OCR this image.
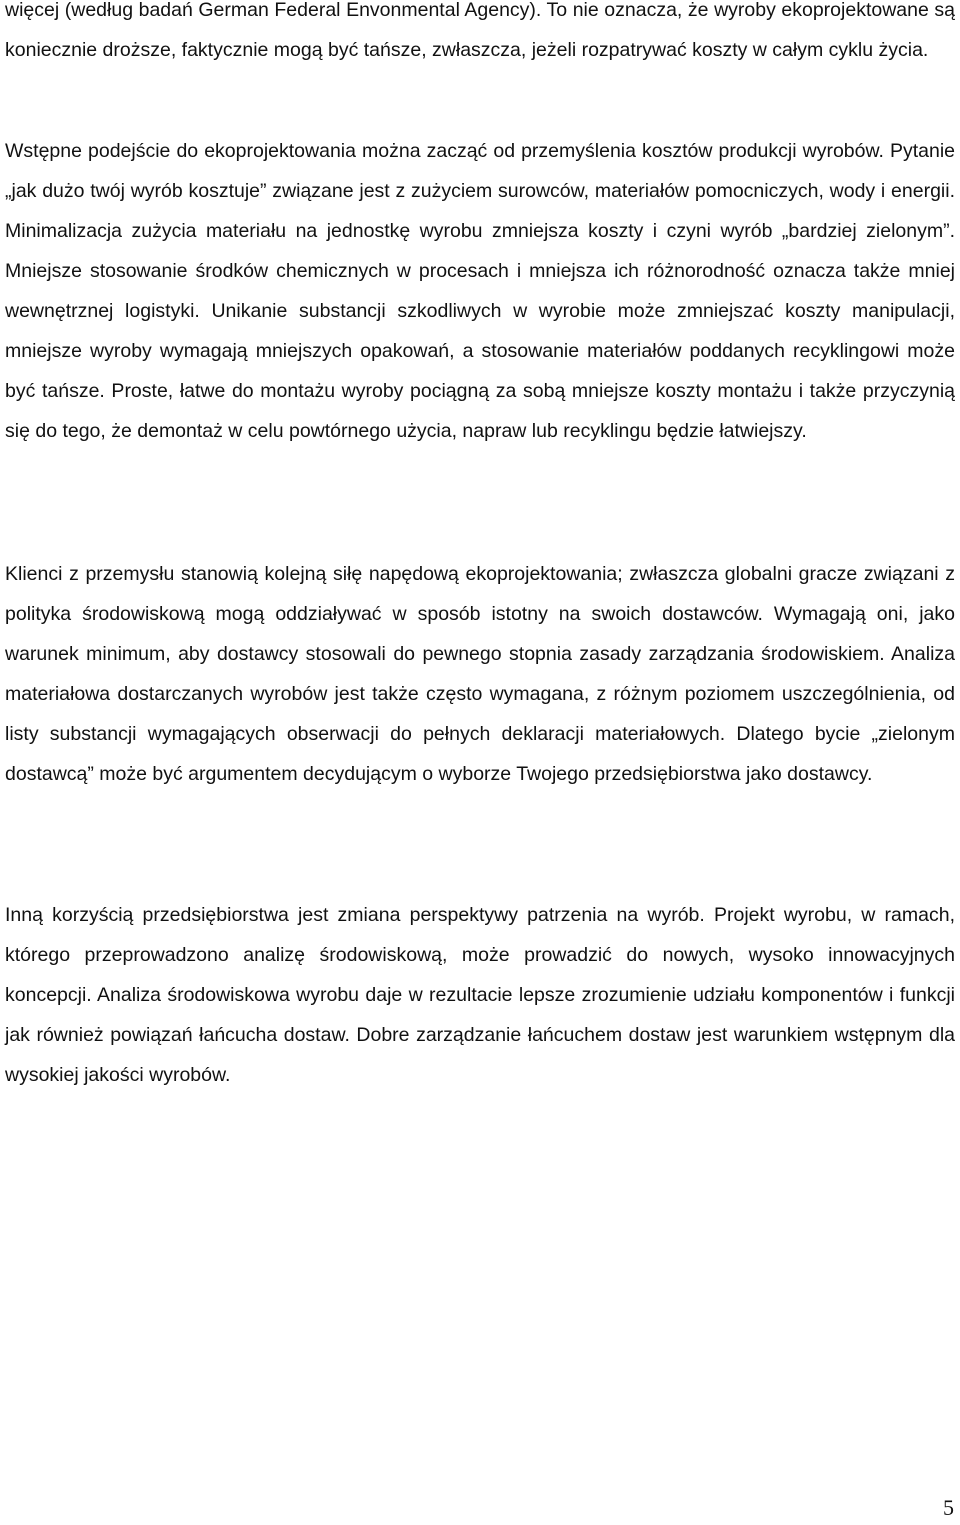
więcej (według badań German Federal Envonmental Agency). To nie oznacza, że wyroby ekoprojektowane są koniecznie droższe, faktycznie mogą być tańsze, zwłaszcza, jeżeli rozpatrywać koszty w całym cyklu życia.

Wstępne podejście do ekoprojektowania można zacząć od przemyślenia kosztów produkcji wyrobów. Pytanie „jak dużo twój wyrób kosztuje” związane jest z zużyciem surowców, materiałów pomocniczych, wody i energii. Minimalizacja zużycia materiału na jednostkę wyrobu zmniejsza koszty i czyni wyrób „bardziej zielonym”. Mniejsze stosowanie środków chemicznych w procesach i mniejsza ich różnorodność oznacza także mniej wewnętrznej logistyki. Unikanie substancji szkodliwych w wyrobie może zmniejszać koszty manipulacji, mniejsze wyroby wymagają mniejszych opakowań, a stosowanie materiałów poddanych recyklingowi może być tańsze. Proste, łatwe do montażu wyroby pociągną za sobą mniejsze koszty montażu i także przyczynią się do tego, że demontaż w celu powtórnego użycia, napraw lub recyklingu będzie łatwiejszy.

Klienci z przemysłu stanowią kolejną siłę napędową ekoprojektowania; zwłaszcza globalni gracze związani z polityka środowiskową mogą oddziaływać w sposób istotny na swoich dostawców. Wymagają oni, jako warunek minimum, aby dostawcy stosowali do pewnego stopnia zasady zarządzania środowiskiem. Analiza materiałowa dostarczanych wyrobów jest także często wymagana, z różnym poziomem uszczególnienia, od listy substancji wymagających obserwacji do pełnych deklaracji materiałowych. Dlatego bycie „zielonym dostawcą” może być argumentem decydującym o wyborze Twojego przedsiębiorstwa jako dostawcy.

Inną korzyścią przedsiębiorstwa jest zmiana perspektywy patrzenia na wyrób. Projekt wyrobu, w ramach, którego przeprowadzono analizę środowiskową, może prowadzić do nowych, wysoko innowacyjnych koncepcji. Analiza środowiskowa wyrobu daje w rezultacie lepsze zrozumienie udziału komponentów i funkcji jak również powiązań łańcucha dostaw. Dobre zarządzanie łańcuchem dostaw jest warunkiem wstępnym dla wysokiej jakości wyrobów.

5
